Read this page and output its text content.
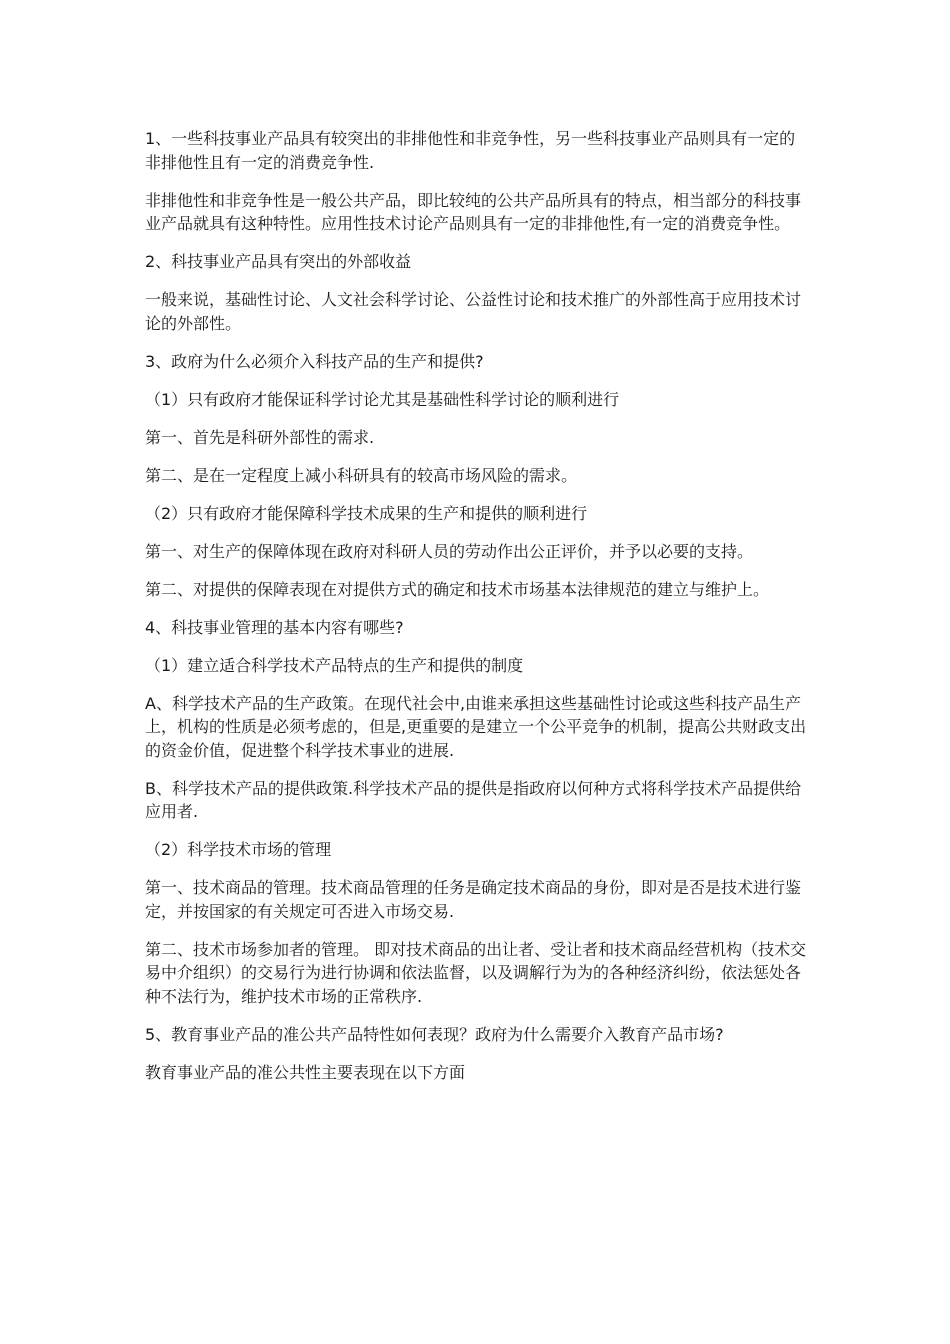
1、一些科技事业产品具有较突出的非排他性和非竞争性，另一些科技事业产品则具有一定的非排他性且有一定的消费竞争性.

非排他性和非竞争性是一般公共产品，即比较纯的公共产品所具有的特点，相当部分的科技事业产品就具有这种特性。应用性技术讨论产品则具有一定的非排他性,有一定的消费竞争性。

2、科技事业产品具有突出的外部收益

一般来说，基础性讨论、人文社会科学讨论、公益性讨论和技术推广的外部性高于应用技术讨论的外部性。

3、政府为什么必须介入科技产品的生产和提供?

（1）只有政府才能保证科学讨论尤其是基础性科学讨论的顺利进行

第一、首先是科研外部性的需求.

第二、是在一定程度上减小科研具有的较高市场风险的需求。

（2）只有政府才能保障科学技术成果的生产和提供的顺利进行

第一、对生产的保障体现在政府对科研人员的劳动作出公正评价，并予以必要的支持。

第二、对提供的保障表现在对提供方式的确定和技术市场基本法律规范的建立与维护上。

4、科技事业管理的基本内容有哪些?

（1）建立适合科学技术产品特点的生产和提供的制度

A、科学技术产品的生产政策。在现代社会中,由谁来承担这些基础性讨论或这些科技产品生产上，机构的性质是必须考虑的，但是,更重要的是建立一个公平竞争的机制，提高公共财政支出的资金价值，促进整个科学技术事业的进展.

B、科学技术产品的提供政策.科学技术产品的提供是指政府以何种方式将科学技术产品提供给应用者.

（2）科学技术市场的管理

第一、技术商品的管理。技术商品管理的任务是确定技术商品的身份，即对是否是技术进行鉴定，并按国家的有关规定可否进入市场交易.

第二、技术市场参加者的管理。 即对技术商品的出让者、受让者和技术商品经营机构（技术交易中介组织）的交易行为进行协调和依法监督，以及调解行为为的各种经济纠纷，依法惩处各种不法行为，维护技术市场的正常秩序.

5、教育事业产品的准公共产品特性如何表现？政府为什么需要介入教育产品市场?

教育事业产品的准公共性主要表现在以下方面
